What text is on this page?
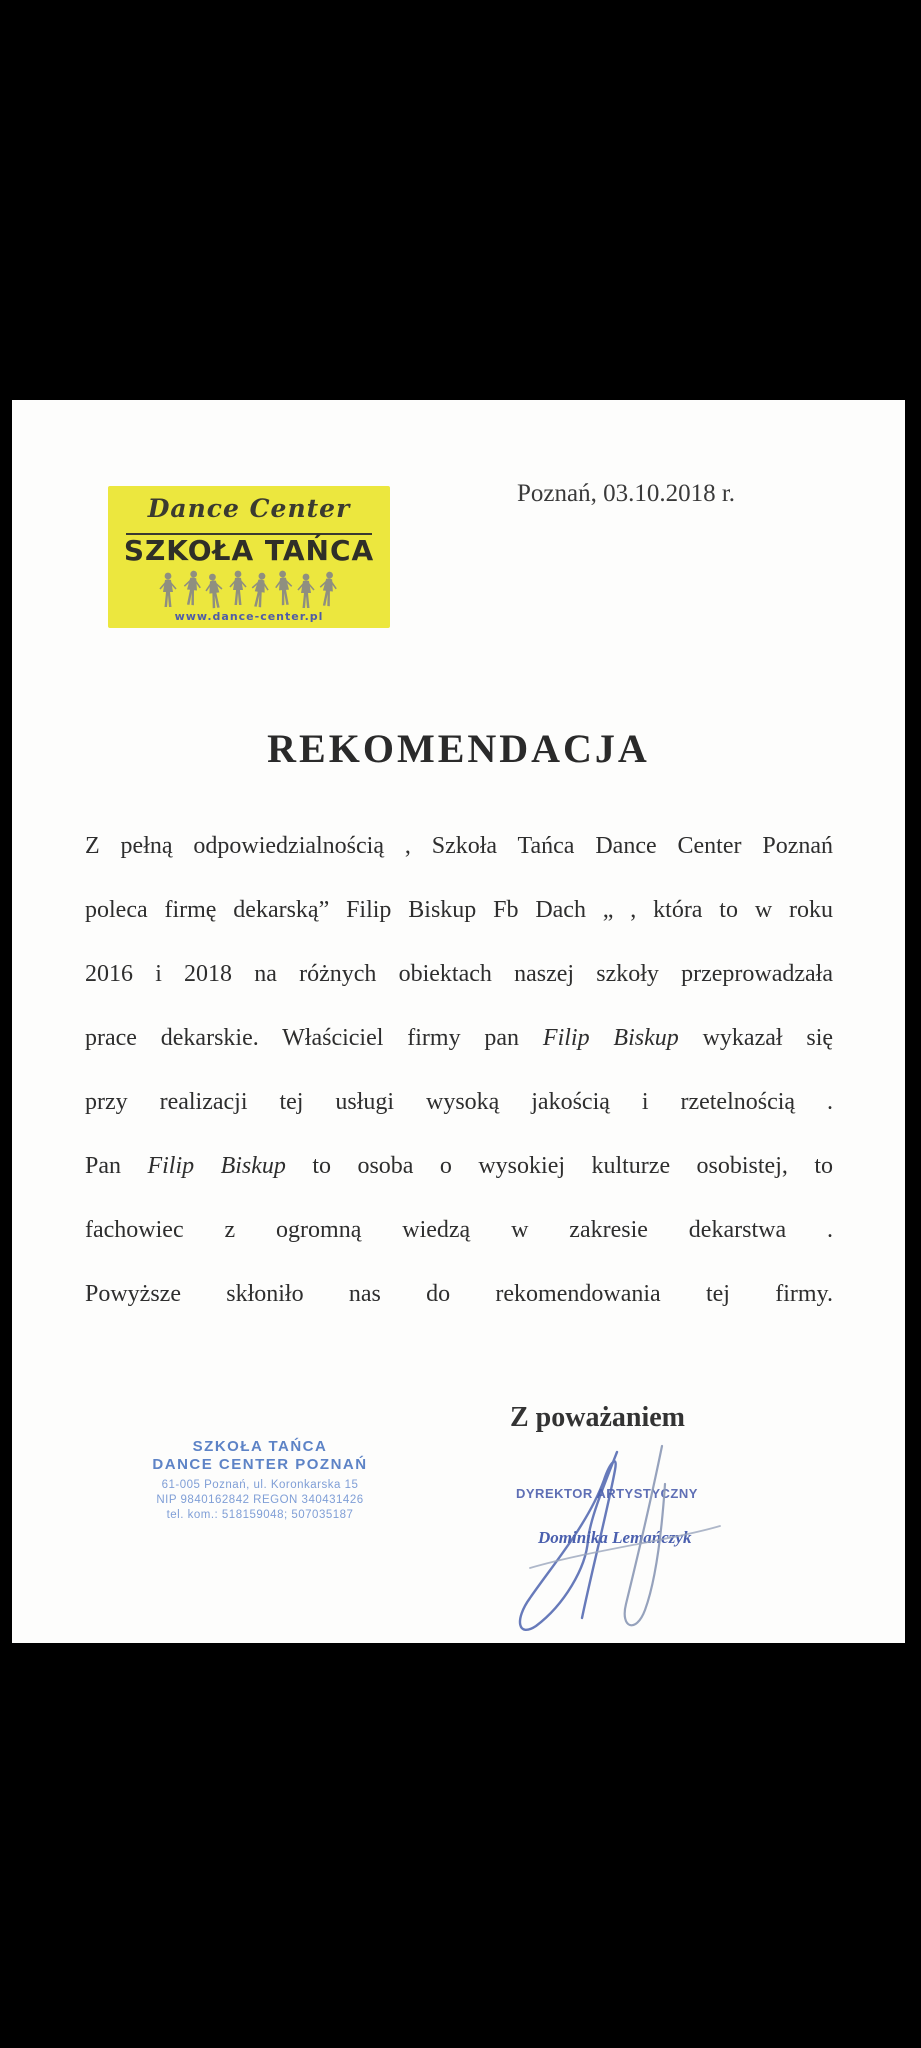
Dance Center
SZKOŁA TAŃCA
www.dance-center.pl
Poznań, 03.10.2018 r.
REKOMENDACJA
Z pełną odpowiedzialnością , Szkoła Tańca Dance Center Poznań
poleca firmę dekarską” Filip Biskup Fb Dach „ , która to w roku
2016 i 2018 na różnych obiektach naszej szkoły przeprowadzała
prace dekarskie. Właściciel firmy pan Filip Biskup wykazał się
przy realizacji tej usługi wysoką jakością i rzetelnością .
Pan Filip Biskup to osoba o wysokiej kulturze osobistej, to
fachowiec z ogromną wiedzą w zakresie dekarstwa .
Powyższe skłoniło nas do rekomendowania tej firmy.
Z poważaniem
SZKOŁA TAŃCA
DANCE CENTER POZNAŃ
61-005 Poznań, ul. Koronkarska 15
NIP 9840162842 REGON 340431426
tel. kom.: 518159048; 507035187
DYREKTOR ARTYSTYCZNY
Dominika Lemańczyk
